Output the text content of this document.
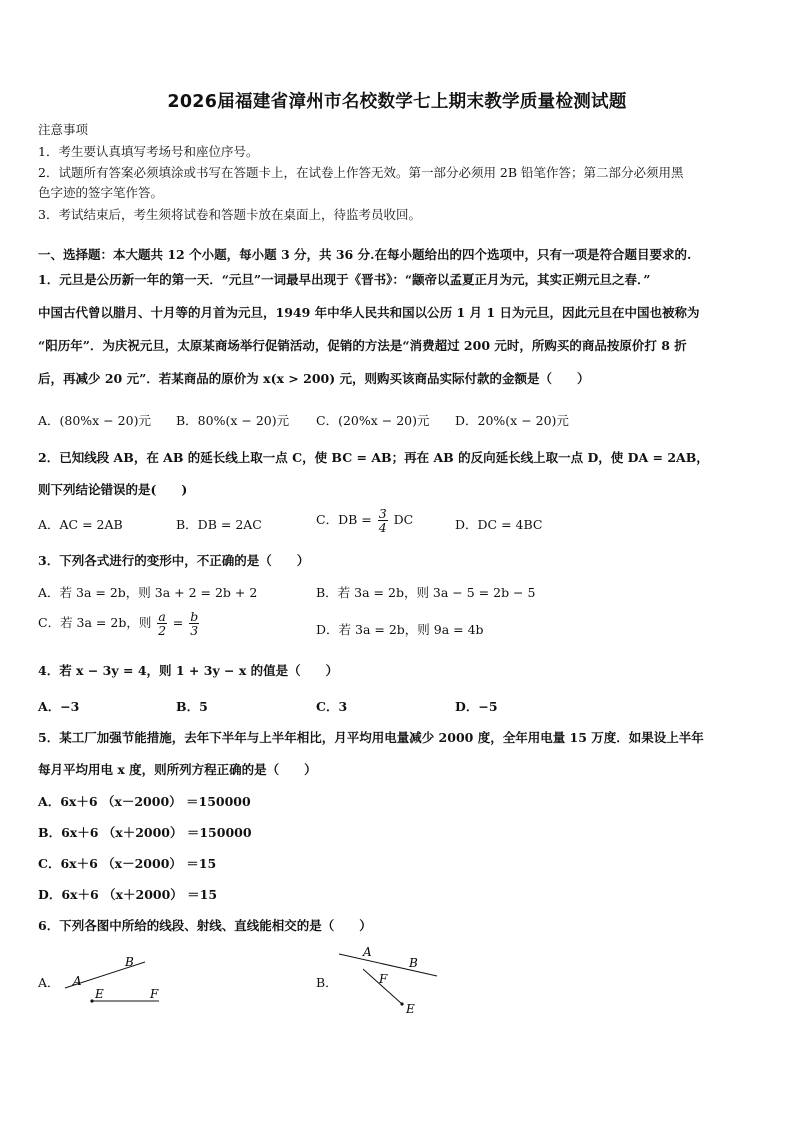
2026届福建省漳州市名校数学七上期末教学质量检测试题
注意事项
1．考生要认真填写考场号和座位序号。
2．试题所有答案必须填涂或书写在答题卡上，在试卷上作答无效。第一部分必须用 2B 铅笔作答；第二部分必须用黑
色字迹的签字笔作答。
3．考试结束后，考生须将试卷和答题卡放在桌面上，待监考员收回。
一、选择题：本大题共 12 个小题，每小题 3 分，共 36 分.在每小题给出的四个选项中，只有一项是符合题目要求的.
1．元旦是公历新一年的第一天．“元旦”一词最早出现于《晋书》：“颛帝以孟夏正月为元，其实正朔元旦之春．”
中国古代曾以腊月、十月等的月首为元旦，1949 年中华人民共和国以公历 1 月 1 日为元旦，因此元旦在中国也被称为
“阳历年”．为庆祝元旦，太原某商场举行促销活动，促销的方法是“消费超过 200 元时，所购买的商品按原价打 8 折
后，再减少 20 元”．若某商品的原价为 x(x > 200) 元，则购买该商品实际付款的金额是（　　）
A．(80%x − 20)元 B．80%(x − 20)元 C．(20%x − 20)元 D．20%(x − 20)元
2．已知线段 AB，在 AB 的延长线上取一点 C，使 BC = AB；再在 AB 的反向延长线上取一点 D，使 DA = 2AB，
则下列结论错误的是(　　)
A．AC = 2AB	B．DB = 2AC	C．DB = $\frac{3}{4}$ DC	D．DC = 4BC
3．下列各式进行的变形中，不正确的是（　　）
A．若 3a = 2b，则 3a + 2 = 2b + 2	B．若 3a = 2b，则 3a − 5 = 2b − 5
C．若 3a = 2b，则 $\frac{a}{2} = \frac{b}{3}$	D．若 3a = 2b，则 9a = 4b
4．若 x − 3y = 4，则 1 + 3y − x 的值是（　　）
A．−3	B．5	C．3	D．−5
5．某工厂加强节能措施，去年下半年与上半年相比，月平均用电量减少 2000 度，全年用电量 15 万度．如果设上半年
每月平均用电 x 度，则所列方程正确的是（　　）
A．6x＋6 （x－2000） ＝150000
B．6x＋6 （x＋2000） ＝150000
C．6x＋6 （x－2000） ＝15
D．6x＋6 （x＋2000） ＝15
6．下列各图中所给的线段、射线、直线能相交的是（　　）
A． A
B
E	F
B．
A
B
F
E
